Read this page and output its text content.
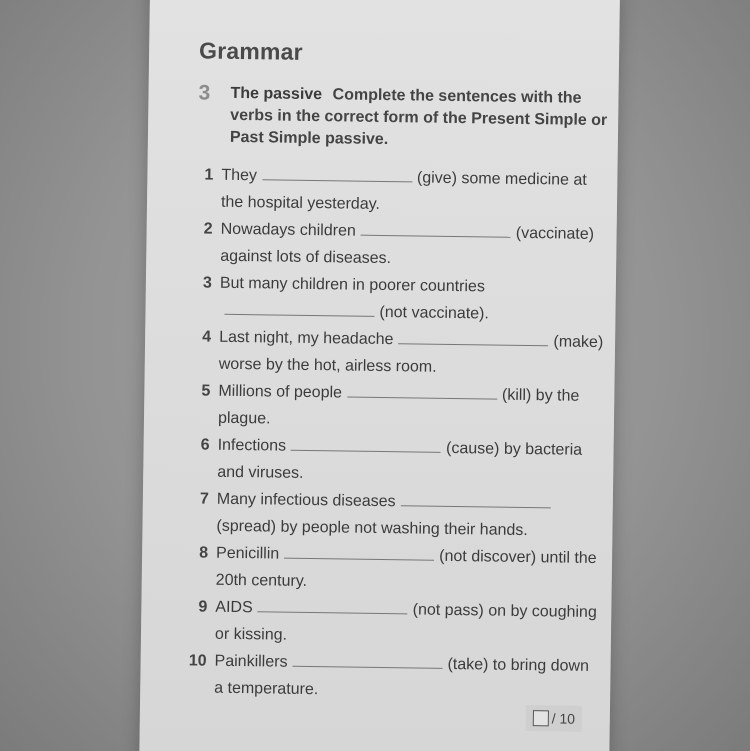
Grammar
3	The passive Complete the sentences with the verbs in the correct form of the Present Simple or Past Simple passive.
1 They	(give) some medicine at the hospital yesterday.
2 Nowadays children	(vaccinate) against lots of diseases.
3 But many children in poorer countries(not vaccinate).
4 Last night, my headache	(make) worse by the hot, airless room.
5 Millions of people	(kill) by the plague.
6 Infections	(cause) by bacteria and viruses.
7 Many infectious diseases(spread) by people not washing their hands.
8 Penicillin	(not discover) until the 20th century.
9 AIDS	(not pass) on by coughing or kissing.
10 Painkillers	(take) to bring down a temperature.
/ 10
